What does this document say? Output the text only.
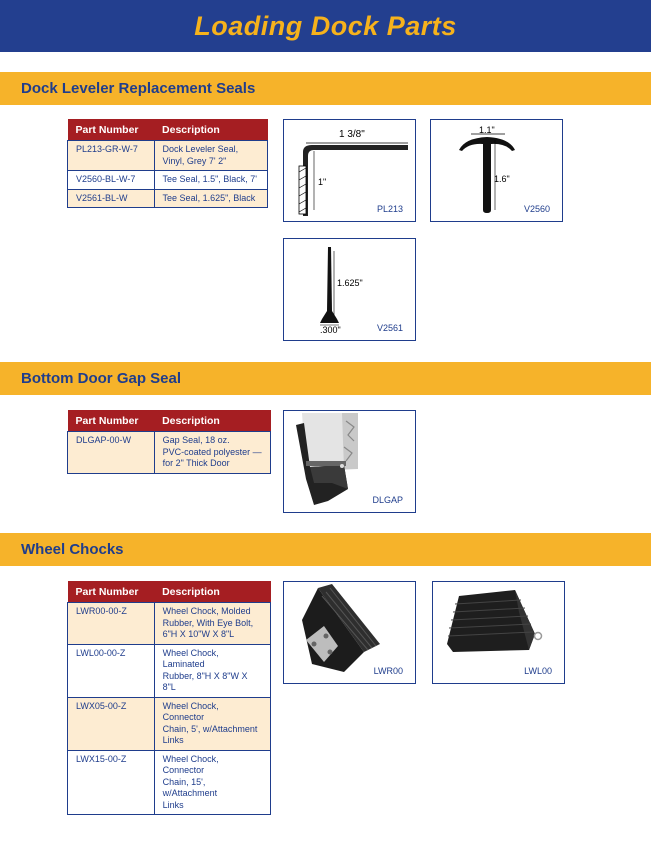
Loading Dock Parts
Dock Leveler Replacement Seals
Part Number	Description
PL213-GR-W-7	Dock Leveler Seal,
Vinyl, Grey 7' 2"
V2560-BL-W-7	Tee Seal, 1.5", Black, 7'
V2561-BL-W	Tee Seal, 1.625", Black
1 3/8"
1"
PL213
1.1"
1.6"
V2560
1.625"
.300"	V2561
Bottom Door Gap Seal
Part Number	Description
DLGAP-00-W	Gap Seal, 18 oz.
PVC-coated polyester —
for 2" Thick Door
DLGAP
Wheel Chocks
Part Number	Description
LWR00-00-Z	Wheel Chock, Molded
Rubber, With Eye Bolt,
6"H X 10"W X 8"L
LWL00-00-Z	Wheel Chock, Laminated
Rubber, 8"H X 8"W X 8"L
LWX05-00-Z	Wheel Chock, Connector
Chain, 5', w/Attachment
Links
LWX15-00-Z	Wheel Chock, Connector
Chain, 15', w/Attachment
Links
LWR00	LWL00
